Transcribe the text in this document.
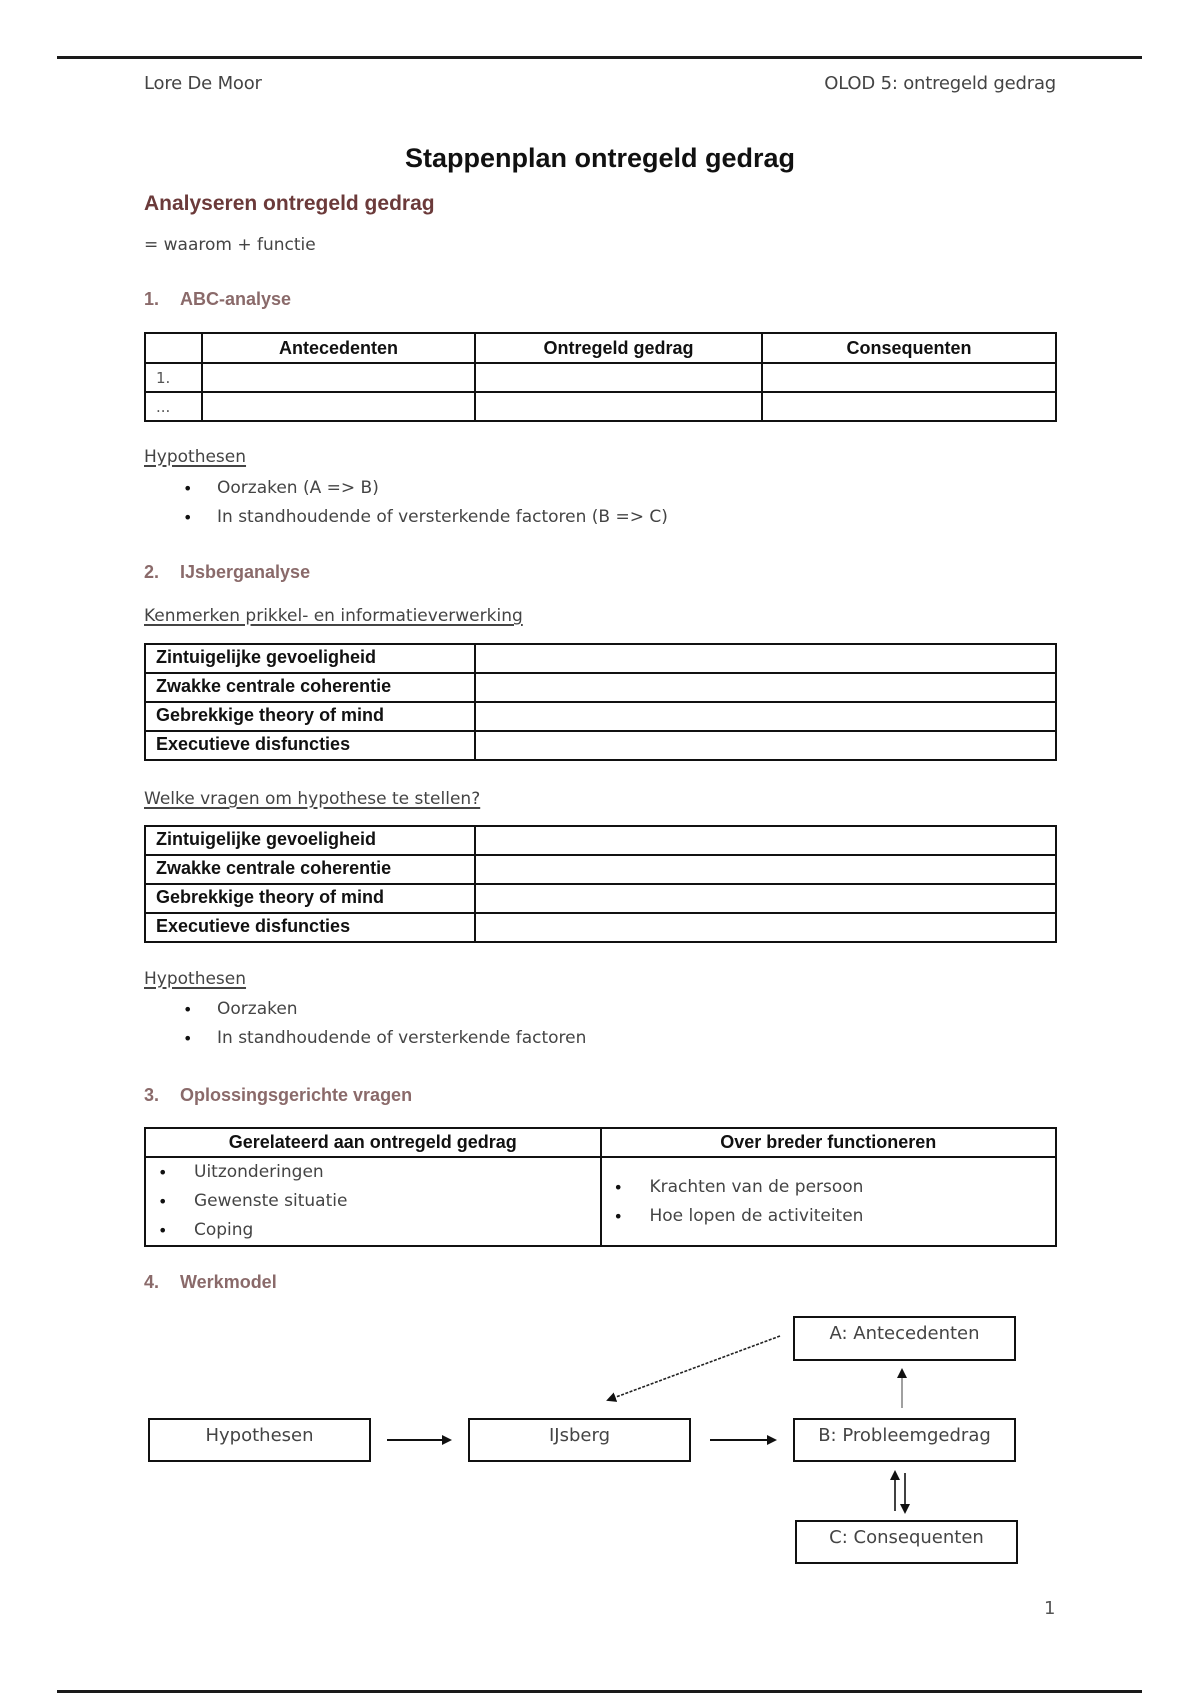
Lore De Moor	OLOD 5: ontregeld gedrag
Stappenplan ontregeld gedrag
Analyseren ontregeld gedrag
= waarom + functie
1. ABC-analyse
	Antecedenten	Ontregeld gedrag	Consequenten
1.			
...			
Hypothesen
• Oorzaken (A => B)
• In standhoudende of versterkende factoren (B => C)
2. IJsberganalyse
Kenmerken prikkel- en informatieverwerking
Zintuigelijke gevoeligheid	
Zwakke centrale coherentie	
Gebrekkige theory of mind	
Executieve disfuncties	
Welke vragen om hypothese te stellen?
Zintuigelijke gevoeligheid	
Zwakke centrale coherentie	
Gebrekkige theory of mind	
Executieve disfuncties	
Hypothesen
• Oorzaken
• In standhoudende of versterkende factoren
3. Oplossingsgerichte vragen
Gerelateerd aan ontregeld gedrag	Over breder functioneren

• Uitzonderingen
• Gewenste situatie
• Coping

• Krachten van de persoon
• Hoe lopen de activiteiten
4. Werkmodel
Hypothesen	IJsberg
A: Antecedenten
B: Probleemgedrag
C: Consequenten
1
